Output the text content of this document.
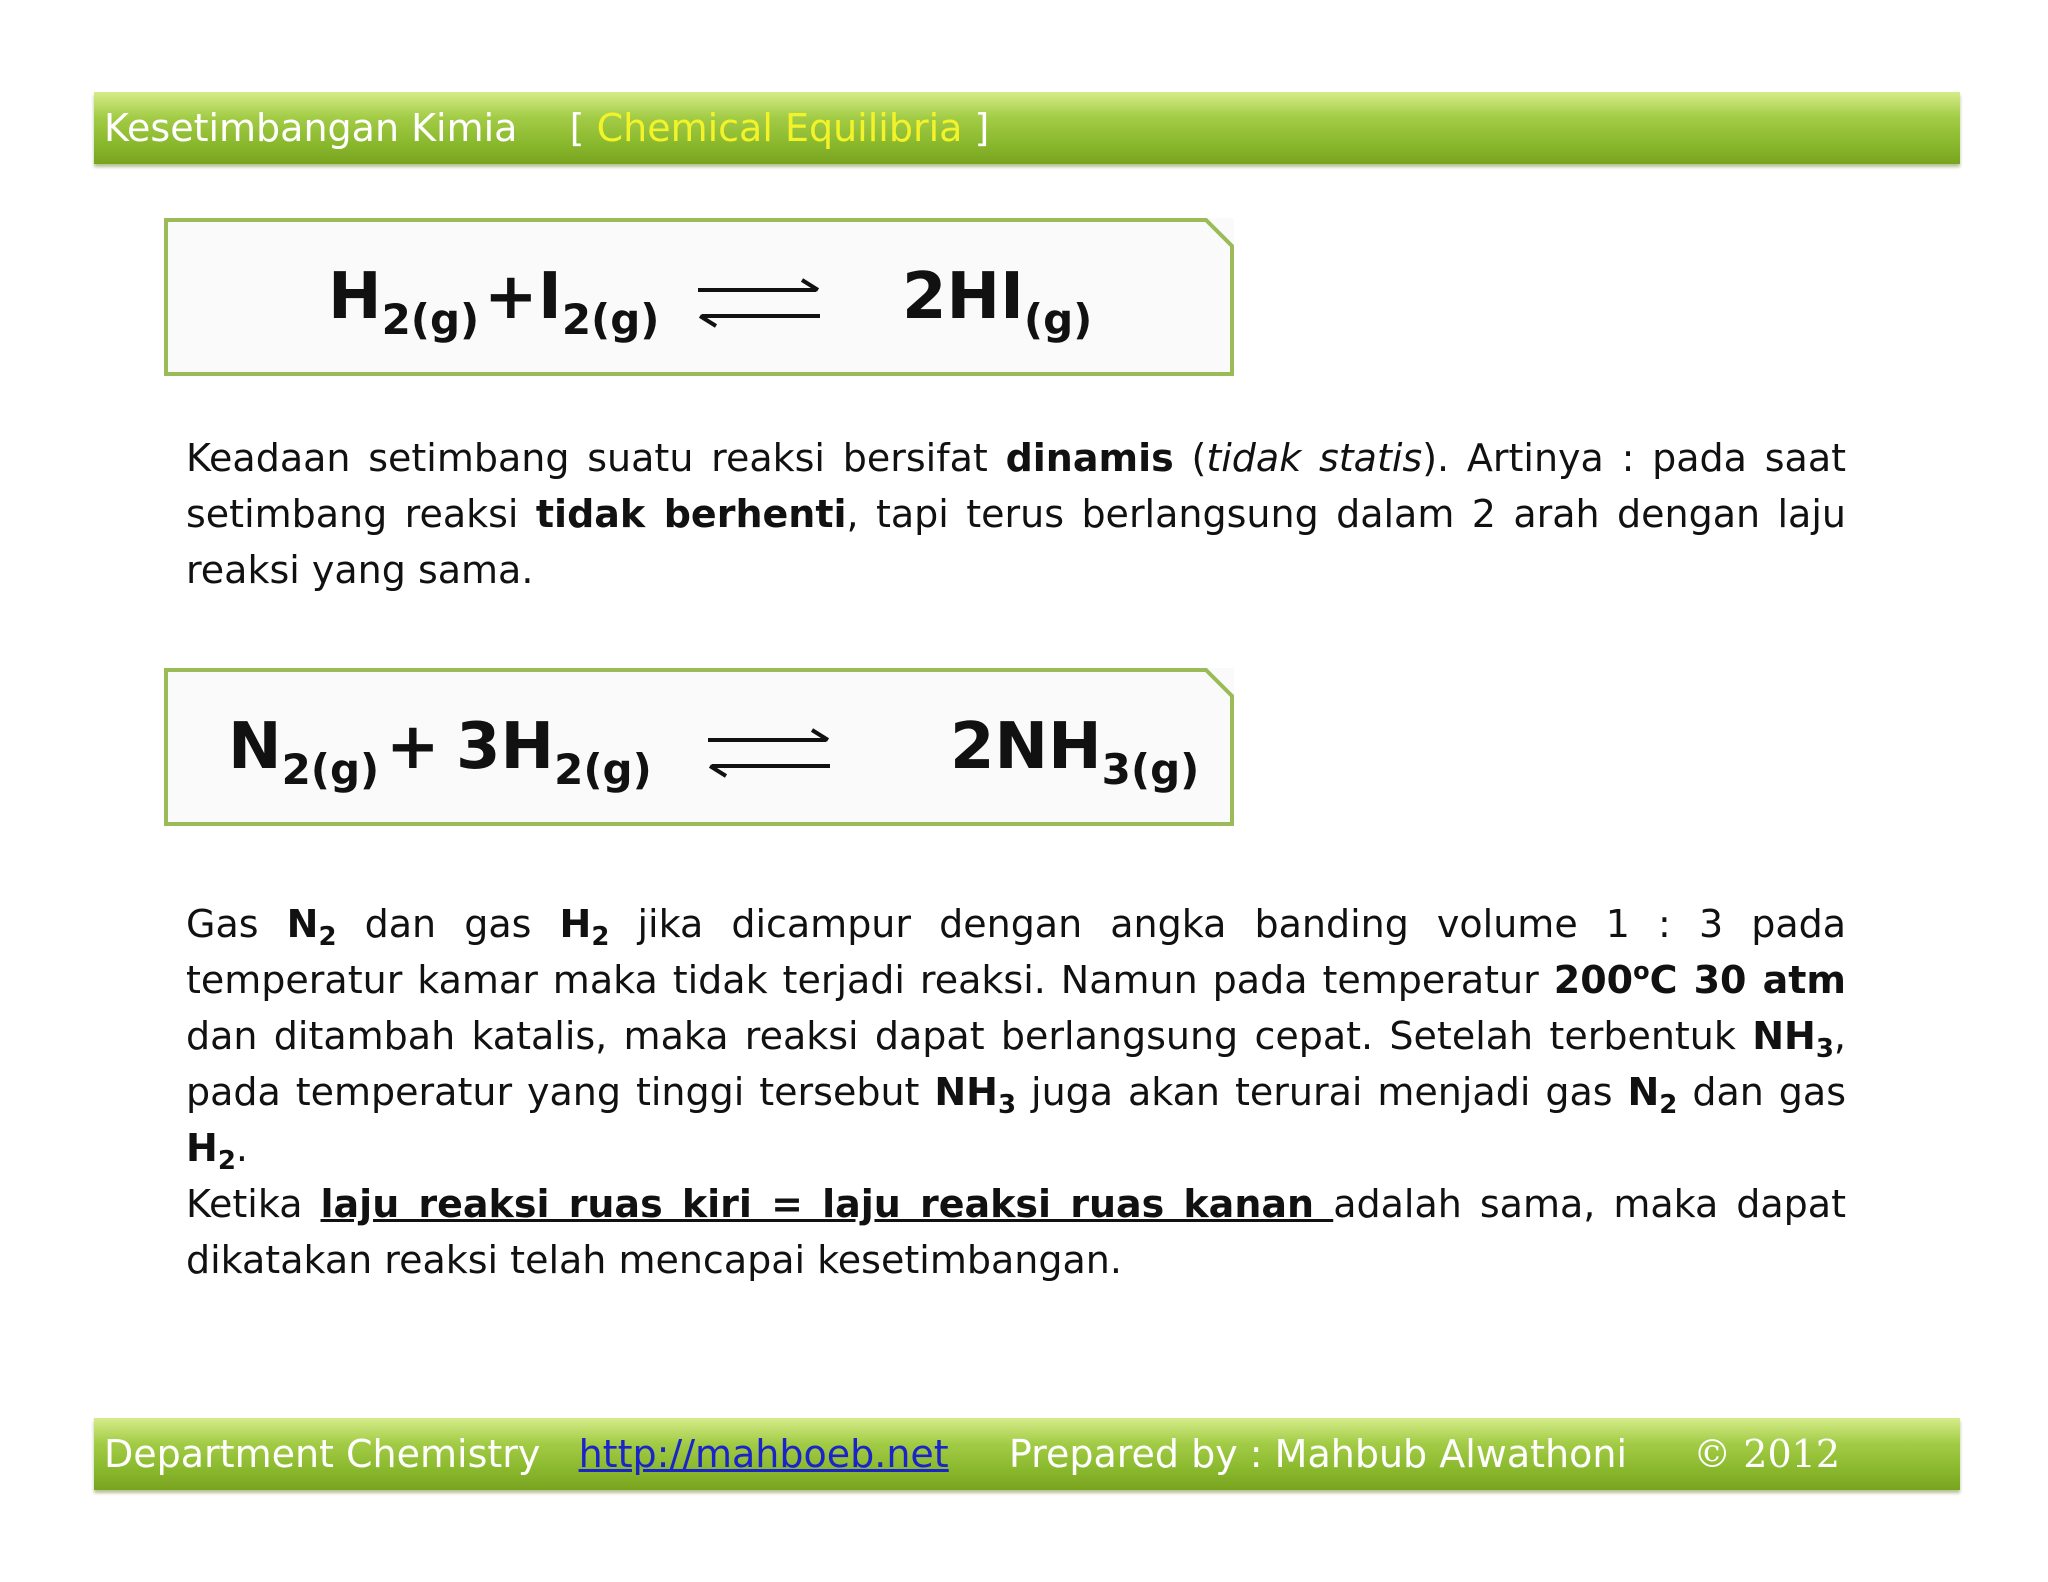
Kesetimbangan Kimia [ Chemical Equilibria ]
$H_{2(g)} + I_{2(g)}$	$2HI_{(g)}$
Keadaan setimbang suatu reaksi bersifat dinamis (tidak statis). Artinya : pada saat setimbang reaksi tidak berhenti, tapi terus berlangsung dalam 2 arah dengan laju reaksi yang sama.
$N_{2(g)} + 3H_{2(g)}$	$2NH_{3(g)}$
Gas $N_2$ dan gas $H_2$ jika dicampur dengan angka banding volume 1 : 3 pada temperatur kamar maka tidak terjadi reaksi. Namun pada temperatur 200$^o$C 30 atm dan ditambah katalis, maka reaksi dapat berlangsung cepat. Setelah terbentuk $NH_3$, pada temperatur yang tinggi tersebut $NH_3$ juga akan terurai menjadi gas $N_2$ dan gas $H_2$.
Ketika laju reaksi ruas kiri = laju reaksi ruas kanan adalah sama, maka dapat dikatakan reaksi telah mencapai kesetimbangan.
Department Chemistry http://mahboeb.net Prepared by : Mahbub Alwathoni © 2012
